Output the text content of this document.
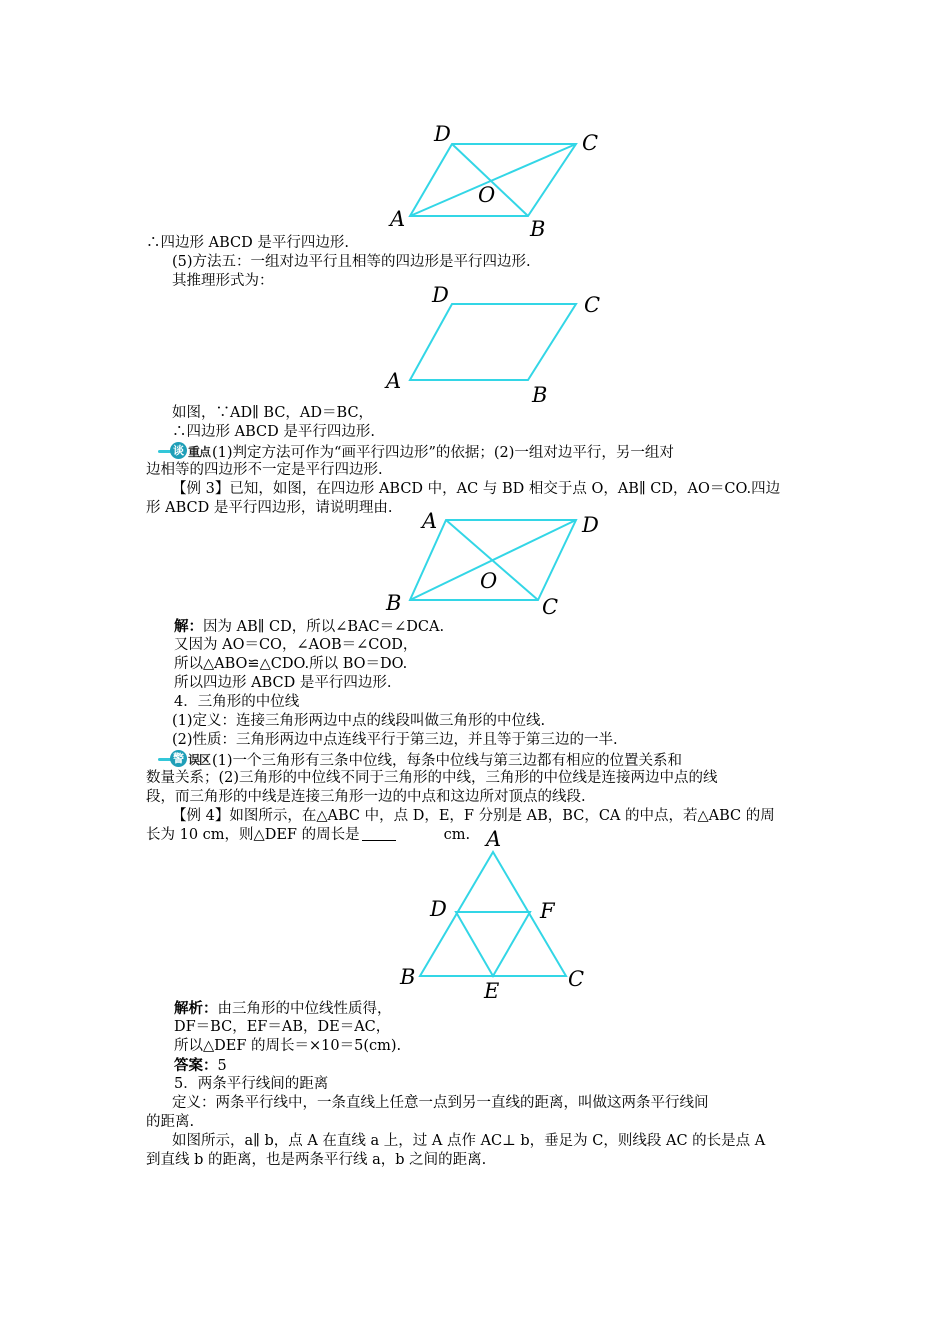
D	C
O
A	B
∴四边形 ABCD 是平行四边形.
(5)方法五：一组对边平行且相等的四边形是平行四边形.
其推理形式为：
D	C
A
B
如图，∵AD∥ BC，AD＝BC，
∴四边形 ABCD 是平行四边形.
谈 重点 (1)判定方法可作为“画平行四边形”的依据；(2)一组对边平行，另一组对
边相等的四边形不一定是平行四边形.
【例 3】已知，如图，在四边形 ABCD 中，AC 与 BD 相交于点 O，AB∥ CD，AO＝CO.四边
形 ABCD 是平行四边形，请说明理由.
A	D
O
B	C
解：因为 AB∥ CD，所以∠BAC＝∠DCA.
又因为 AO＝CO，∠AOB＝∠COD，
所以△ABO≌△CDO.所以 BO＝DO.
所以四边形 ABCD 是平行四边形.
4．三角形的中位线
(1)定义：连接三角形两边中点的线段叫做三角形的中位线.
(2)性质：三角形两边中点连线平行于第三边，并且等于第三边的一半.
警 误区 (1)一个三角形有三条中位线，每条中位线与第三边都有相应的位置关系和
数量关系；(2)三角形的中位线不同于三角形的中线，三角形的中位线是连接两边中点的线
段，而三角形的中线是连接三角形一边的中点和这边所对顶点的线段.
【例 4】如图所示，在△ABC 中，点 D，E，F 分别是 AB，BC，CA 的中点，若△ABC 的周
长为 10 cm，则△DEF 的周长是	cm. A
D	F
B
E	C
解析：由三角形的中位线性质得，
DF＝BC，EF＝AB，DE＝AC，
所以△DEF 的周长＝×10＝5(cm).
答案：5
5．两条平行线间的距离
定义：两条平行线中，一条直线上任意一点到另一直线的距离，叫做这两条平行线间
的距离.
如图所示，a∥ b，点 A 在直线 a 上，过 A 点作 AC⊥ b，垂足为 C，则线段 AC 的长是点 A
到直线 b 的距离，也是两条平行线 a，b 之间的距离.
